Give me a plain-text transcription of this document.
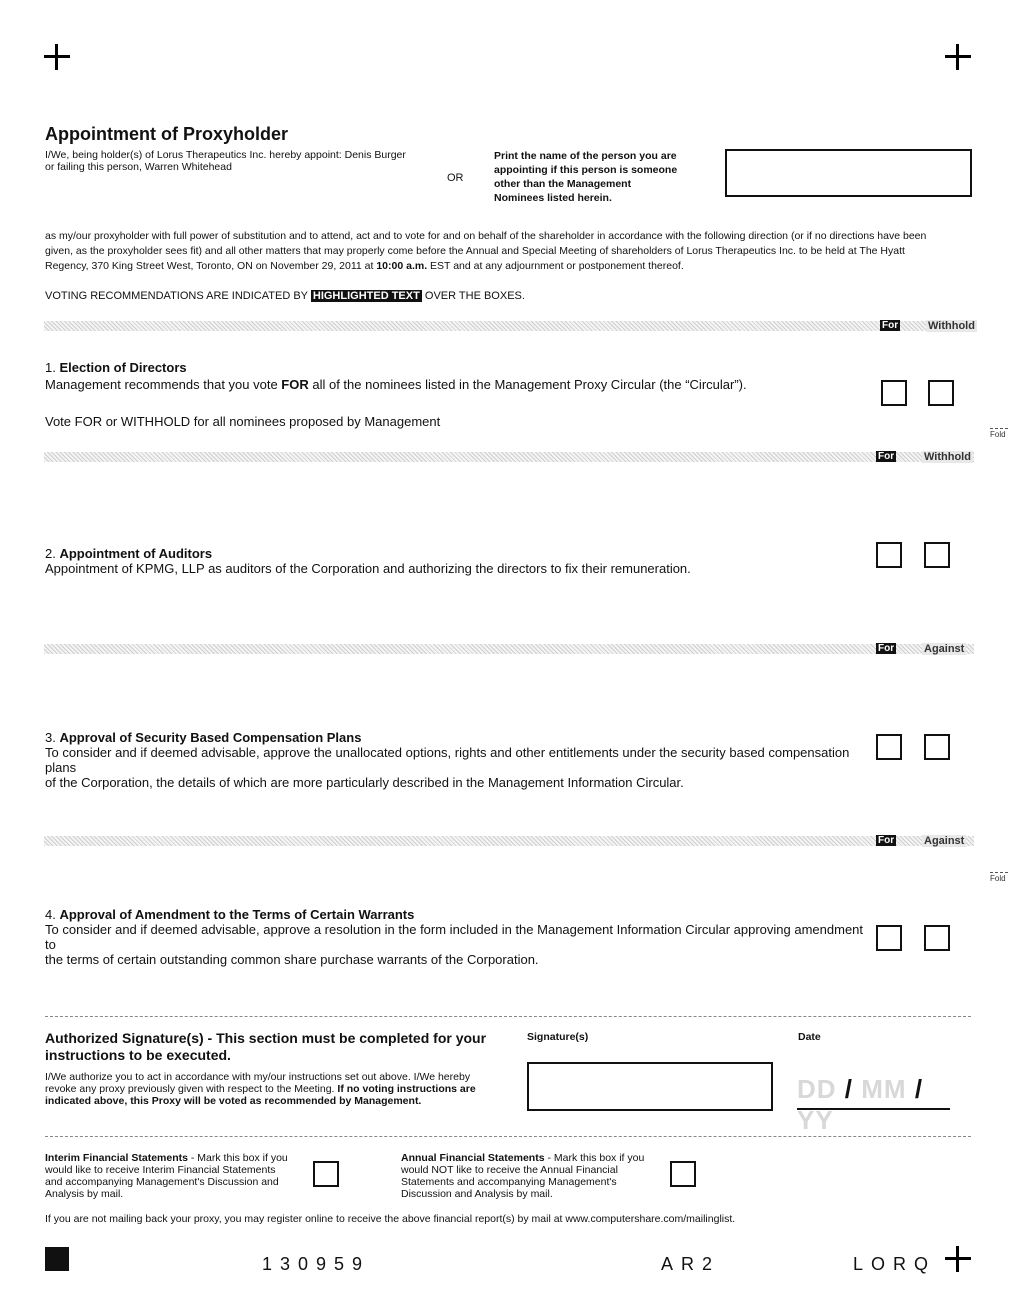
Appointment of Proxyholder
I/We, being holder(s) of Lorus Therapeutics Inc. hereby appoint: Denis Burger
or failing this person, Warren Whitehead
OR
Print the name of the person you are
appointing if this person is someone
other than the Management
Nominees listed herein.
as my/our proxyholder with full power of substitution and to attend, act and to vote for and on behalf of the shareholder in accordance with the following direction (or if no directions have been
given, as the proxyholder sees fit) and all other matters that may properly come before the Annual and Special Meeting of shareholders of Lorus Therapeutics Inc. to be held at The Hyatt
Regency, 370 King Street West, Toronto, ON on November 29, 2011 at 10:00 a.m. EST and at any adjournment or postponement thereof.
VOTING RECOMMENDATIONS ARE INDICATED BY HIGHLIGHTED TEXT OVER THE BOXES.
For	Withhold
1. Election of Directors
Management recommends that you vote FOR all of the nominees listed in the Management Proxy Circular (the “Circular”).
Vote FOR or WITHHOLD for all nominees proposed by Management
Fold
For	Withhold
2. Appointment of Auditors
Appointment of KPMG, LLP as auditors of the Corporation and authorizing the directors to fix their remuneration.
For	Against
3. Approval of Security Based Compensation Plans
To consider and if deemed advisable, approve the unallocated options, rights and other entitlements under the security based compensation plans
of the Corporation, the details of which are more particularly described in the Management Information Circular.
For	Against
Fold
4. Approval of Amendment to the Terms of Certain Warrants
To consider and if deemed advisable, approve a resolution in the form included in the Management Information Circular approving amendment to
the terms of certain outstanding common share purchase warrants of the Corporation.
Authorized Signature(s) - This section must be completed for your
instructions to be executed.
I/We authorize you to act in accordance with my/our instructions set out above. I/We hereby
revoke any proxy previously given with respect to the Meeting. If no voting instructions are
indicated above, this Proxy will be voted as recommended by Management.
Signature(s)	Date
DD / MM / YY
Interim Financial Statements - Mark this box if you
would like to receive Interim Financial Statements
and accompanying Management's Discussion and
Analysis by mail.
Annual Financial Statements - Mark this box if you
would NOT like to receive the Annual Financial
Statements and accompanying Management's
Discussion and Analysis by mail.
If you are not mailing back your proxy, you may register online to receive the above financial report(s) by mail at www.computershare.com/mailinglist.
130959	AR2	LORQ
